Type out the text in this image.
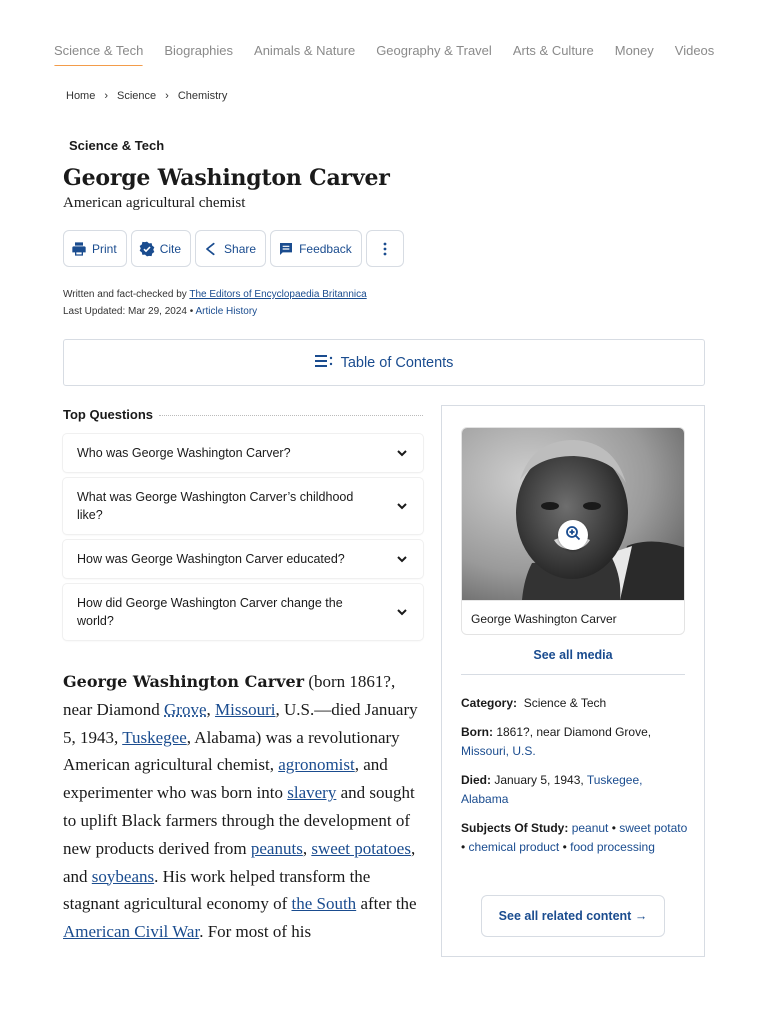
Science & Tech Biographies Animals & Nature Geography & Travel Arts & Culture Money Videos
Home › Science › Chemistry
Science & Tech
George Washington Carver
American agricultural chemist
Print	Cite	Share	Feedback
Written and fact-checked by The Editors of Encyclopaedia Britannica
Last Updated: Mar 29, 2024 • Article History
Table of Contents
Top Questions
Who was George Washington Carver?
What was George Washington Carver’s childhood like?
How was George Washington Carver educated?
How did George Washington Carver change the world?

George Washington Carver (born 1861?, near Diamond Grove, Missouri, U.S.—died January 5, 1943, Tuskegee, Alabama) was a revolutionary American agricultural chemist, agronomist, and experimenter who was born into slavery and sought to uplift Black farmers through the development of new products derived from peanuts, sweet potatoes, and soybeans. His work helped transform the stagnant agricultural economy of the South after the American Civil War. For most of his

George Washington Carver
See all media
Category: Science & Tech
Born: 1861?, near Diamond Grove, Missouri, U.S.
Died: January 5, 1943, Tuskegee, Alabama
Subjects Of Study: peanut • sweet potato • chemical product • food processing
See all related content →
